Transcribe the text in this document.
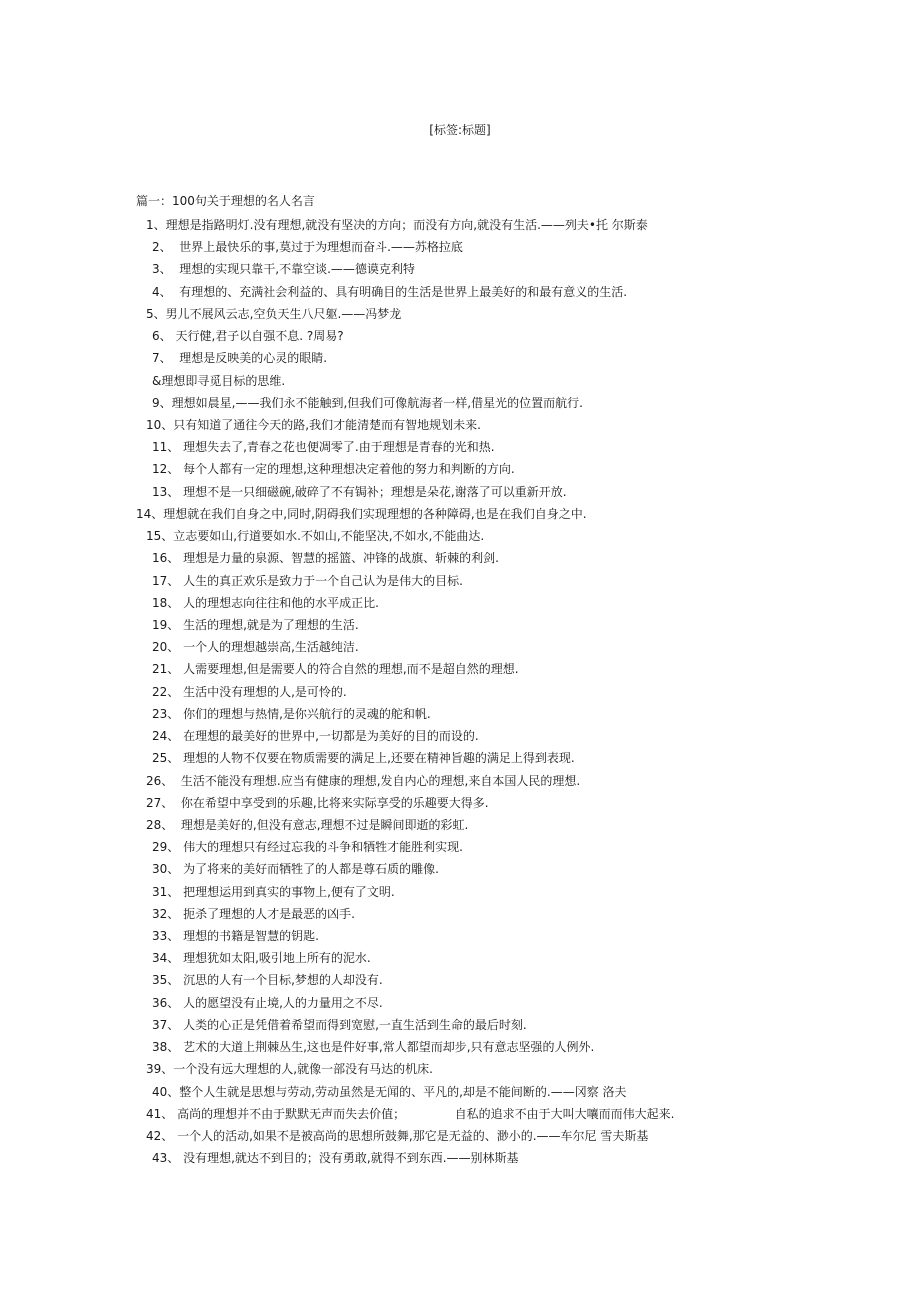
[标签:标题]
篇一：100句关于理想的名人名言
1、理想是指路明灯.没有理想,就没有坚决的方向；而没有方向,就没有生活.——列夫•托 尔斯泰
2、  世界上最快乐的事,莫过于为理想而奋斗.——苏格拉底
3、  理想的实现只靠干,不靠空谈.——德谟克利特
4、  有理想的、充满社会利益的、具有明确目的生活是世界上最美好的和最有意义的生活.
5、男儿不展风云志,空负天生八尺躯.——冯梦龙
6、 天行健,君子以自强不息. ?周易?
7、  理想是反映美的心灵的眼睛.
&理想即寻觅目标的思维.
9、理想如晨星,——我们永不能触到,但我们可像航海者一样,借星光的位置而航行.
10、只有知道了通往今天的路,我们才能清楚而有智地规划未来.
11、 理想失去了,青春之花也便凋零了.由于理想是青春的光和热.
12、 每个人都有一定的理想,这种理想决定着他的努力和判断的方向.
13、 理想不是一只细磁碗,破碎了不有锔补；理想是朵花,谢落了可以重新开放.
14、理想就在我们自身之中,同时,阴碍我们实现理想的各种障碍,也是在我们自身之中.
15、立志要如山,行道要如水.不如山,不能坚决,不如水,不能曲达.
16、 理想是力量的泉源、智慧的摇篮、冲锋的战旗、斩棘的利剑.
17、 人生的真正欢乐是致力于一个自己认为是伟大的目标.
18、 人的理想志向往往和他的水平成正比.
19、 生活的理想,就是为了理想的生活.
20、 一个人的理想越崇高,生活越纯洁.
21、 人需要理想,但是需要人的符合自然的理想,而不是超自然的理想.
22、 生活中没有理想的人,是可怜的.
23、 你们的理想与热情,是你兴航行的灵魂的舵和帆.
24、 在理想的最美好的世界中,一切都是为美好的目的而设的.
25、 理想的人物不仅要在物质需要的满足上,还要在精神旨趣的满足上得到表现.
26、  生活不能没有理想.应当有健康的理想,发自内心的理想,来自本国人民的理想.
27、  你在希望中享受到的乐趣,比将来实际享受的乐趣要大得多.
28、  理想是美好的,但没有意志,理想不过是瞬间即逝的彩虹.
29、 伟大的理想只有经过忘我的斗争和牺牲才能胜利实现.
30、 为了将来的美好而牺牲了的人都是尊石质的雕像.
31、 把理想运用到真实的事物上,便有了文明.
32、 扼杀了理想的人才是最恶的凶手.
33、 理想的书籍是智慧的钥匙.
34、 理想犹如太阳,吸引地上所有的泥水.
35、 沉思的人有一个目标,梦想的人却没有.
36、 人的愿望没有止境,人的力量用之不尽.
37、 人类的心正是凭借着希望而得到宽慰,一直生活到生命的最后时刻.
38、 艺术的大道上荆棘丛生,这也是件好事,常人都望而却步,只有意志坚强的人例外.
39、一个没有远大理想的人,就像一部没有马达的机床.
40、整个人生就是思想与劳动,劳动虽然是无闻的、平凡的,却是不能间断的.——冈察 洛夫
41、 高尚的理想并不由于默默无声而失去价值；             自私的追求不由于大叫大嚷而而伟大起来.
42、 一个人的活动,如果不是被高尚的思想所鼓舞,那它是无益的、渺小的.——车尔尼 雪夫斯基
43、 没有理想,就达不到目的；没有勇敢,就得不到东西.——别林斯基
